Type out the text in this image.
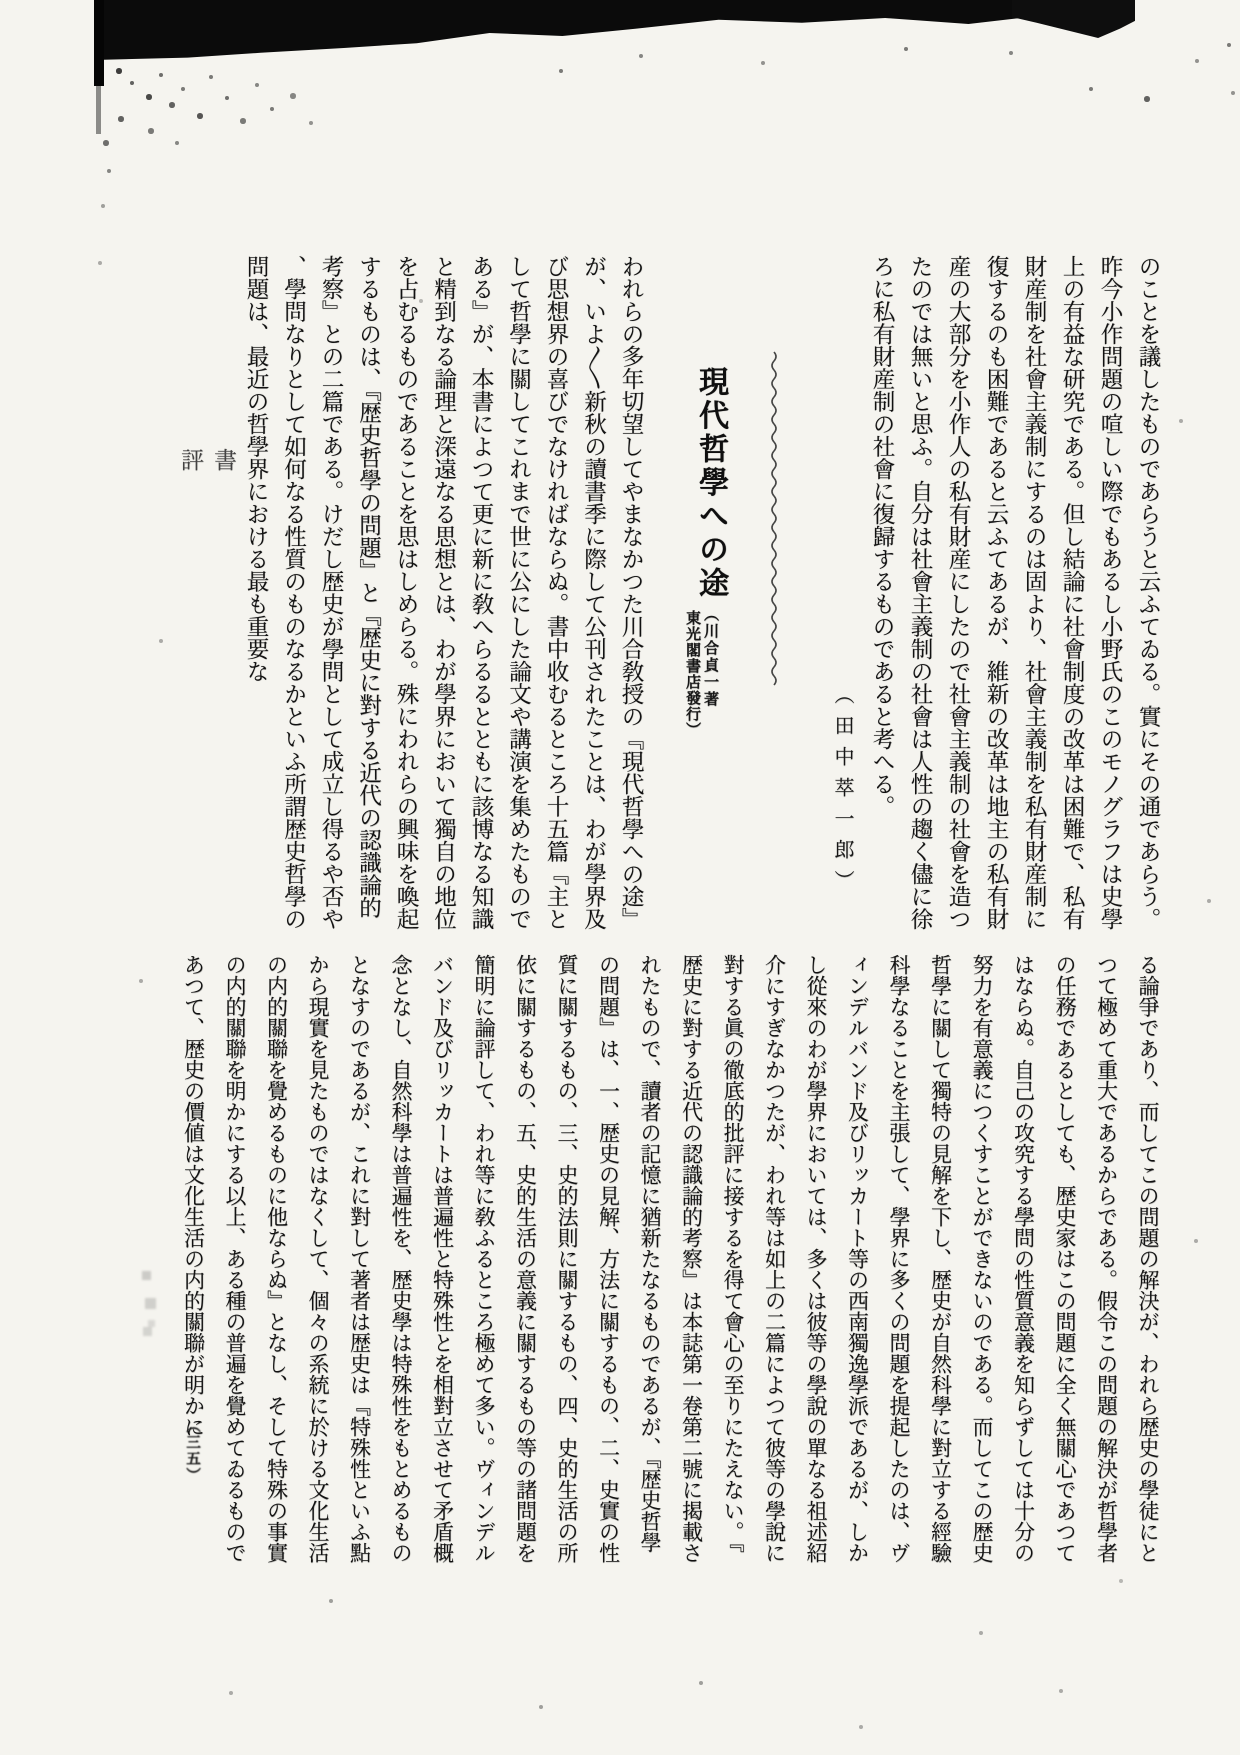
書評	のことを議したものであらうと云ふてゐる。實にその通であらう。昨今小作問題の喧しい際でもあるし小野氏のこのモノグラフは史學上の有益な研究である。但し結論に社會制度の改革は困難で、私有財産制を社會主義制にするのは固より、社會主義制を私有財産制に復するのも困難であると云ふてあるが、維新の改革は地主の私有財産の大部分を小作人の私有財産にしたので社會主義制の社會を造つたのでは無いと思ふ。自分は社會主義制の社會は人性の趨く儘に徐ろに私有財産制の社會に復歸するものであると考へる。
（田中萃一郎）
現代哲學への途
（川合貞一著
東光閣書店發行）
われらの多年切望してやまなかつた川合敎授の『現代哲學への途』が、いよ〳〵新秋の讀書季に際して公刊されたことは、わが學界及び思想界の喜びでなければならぬ。書中收むるところ十五篇『主として哲學に關してこれまで世に公にした論文や講演を集めたものである』が、本書によつて更に新に敎へらるるとともに該博なる知識と精到なる論理と深遠なる思想とは、わが學界において獨自の地位を占むるものであることを思はしめらる。殊にわれらの興味を喚起するものは、『歴史哲學の問題』と『歴史に對する近代の認識論的考察』との二篇である。けだし歴史が學問として成立し得るや否や、學問なりとして如何なる性質のものなるかといふ所謂歴史哲學の問題は、最近の哲學界における最も重要な
る論爭であり、而してこの問題の解決が、われら歴史の學徒にとつて極めて重大であるからである。假令この問題の解決が哲學者の任務であるとしても、歴史家はこの問題に全く無關心であつてはならぬ。自己の攻究する學問の性質意義を知らずしては十分の努力を有意義につくすことができないのである。而してこの歴史哲學に關して獨特の見解を下し、歴史が自然科學に對立する經驗科學なることを主張して、學界に多くの問題を提起したのは、ヴィンデルバンド及びリッカート等の西南獨逸學派であるが、しかし從來のわが學界においては、多くは彼等の學說の單なる祖述紹介にすぎなかつたが、われ等は如上の二篇によつて彼等の學說に對する眞の徹底的批評に接するを得て會心の至りにたえない。『歴史に對する近代の認識論的考察』は本誌第一卷第二號に揭載されたもので、讀者の記憶に猶新たなるものであるが、『歴史哲學の問題』は、一、歴史の見解、方法に關するもの、二、史實の性質に關するもの、三、史的法則に關するもの、四、史的生活の所依に關するもの、五、史的生活の意義に關するもの等の諸問題を簡明に論評して、われ等に敎ふるところ極めて多い。ヴィンデルバンド及びリッカートは普遍性と特殊性とを相對立させて矛盾概念となし、自然科學は普遍性を、歴史學は特殊性をもとめるものとなすのであるが、これに對して著者は歴史は『特殊性といふ點から現實を見たものではなくして、個々の系統に於ける文化生活の内的關聯を覺めるものに他ならぬ』となし、そして特殊の事實の内的關聯を明かにする以上、ある種の普遍を覺めてゐるものであつて、歴史の價値は文化生活の内的關聯が明かに
（三五）
